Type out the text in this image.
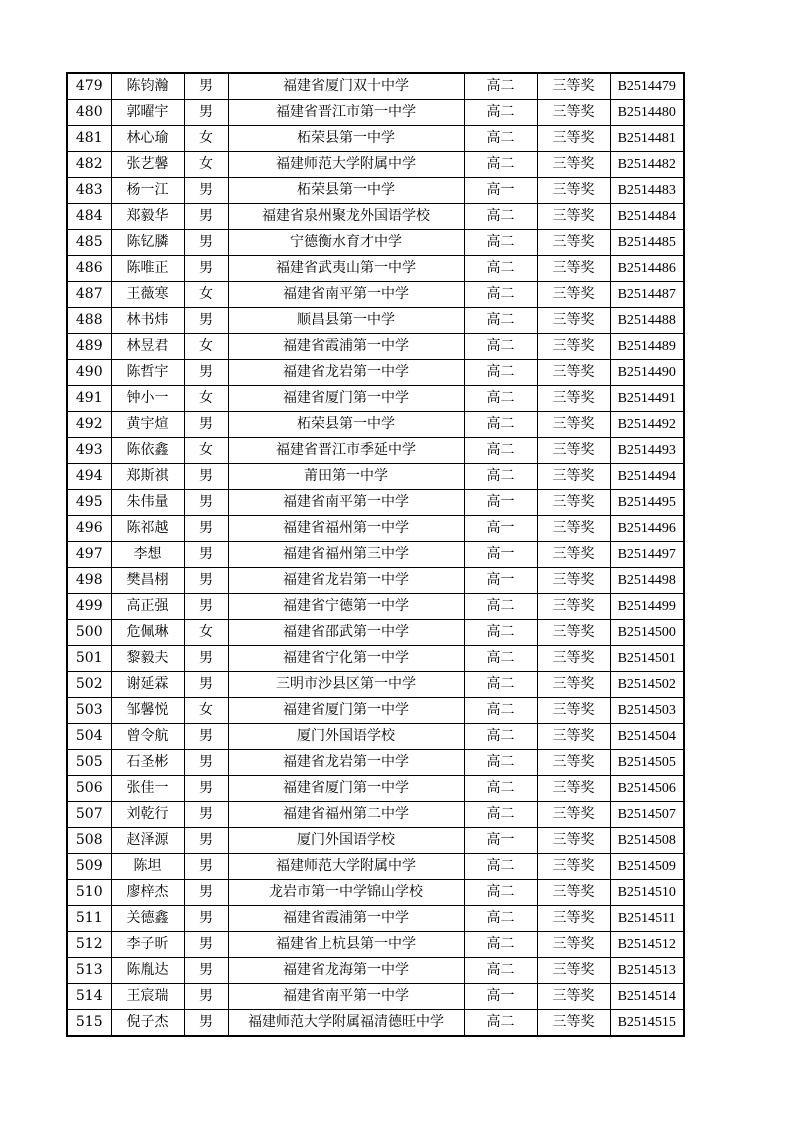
479	陈钧瀚	男	福建省厦门双十中学	高二	三等奖	B2514479
480	郭曜宇	男	福建省晋江市第一中学	高二	三等奖	B2514480
481	林心瑜	女	柘荣县第一中学	高二	三等奖	B2514481
482	张艺馨	女	福建师范大学附属中学	高二	三等奖	B2514482
483	杨一江	男	柘荣县第一中学	高一	三等奖	B2514483
484	郑毅华	男	福建省泉州聚龙外国语学校	高二	三等奖	B2514484
485	陈钇膦	男	宁德衡水育才中学	高二	三等奖	B2514485
486	陈唯正	男	福建省武夷山第一中学	高二	三等奖	B2514486
487	王薇寒	女	福建省南平第一中学	高二	三等奖	B2514487
488	林书炜	男	顺昌县第一中学	高二	三等奖	B2514488
489	林昱君	女	福建省霞浦第一中学	高二	三等奖	B2514489
490	陈哲宇	男	福建省龙岩第一中学	高二	三等奖	B2514490
491	钟小一	女	福建省厦门第一中学	高二	三等奖	B2514491
492	黄宇煊	男	柘荣县第一中学	高二	三等奖	B2514492
493	陈依鑫	女	福建省晋江市季延中学	高二	三等奖	B2514493
494	郑斯祺	男	莆田第一中学	高二	三等奖	B2514494
495	朱伟量	男	福建省南平第一中学	高一	三等奖	B2514495
496	陈祁越	男	福建省福州第一中学	高一	三等奖	B2514496
497	李想	男	福建省福州第三中学	高一	三等奖	B2514497
498	樊昌栩	男	福建省龙岩第一中学	高一	三等奖	B2514498
499	高正强	男	福建省宁德第一中学	高二	三等奖	B2514499
500	危佩琳	女	福建省邵武第一中学	高二	三等奖	B2514500
501	黎毅夫	男	福建省宁化第一中学	高二	三等奖	B2514501
502	谢延霖	男	三明市沙县区第一中学	高二	三等奖	B2514502
503	邹馨悦	女	福建省厦门第一中学	高二	三等奖	B2514503
504	曾令航	男	厦门外国语学校	高二	三等奖	B2514504
505	石圣彬	男	福建省龙岩第一中学	高二	三等奖	B2514505
506	张佳一	男	福建省厦门第一中学	高二	三等奖	B2514506
507	刘乾行	男	福建省福州第二中学	高二	三等奖	B2514507
508	赵泽源	男	厦门外国语学校	高一	三等奖	B2514508
509	陈坦	男	福建师范大学附属中学	高二	三等奖	B2514509
510	廖梓杰	男	龙岩市第一中学锦山学校	高二	三等奖	B2514510
511	关德鑫	男	福建省霞浦第一中学	高二	三等奖	B2514511
512	李子昕	男	福建省上杭县第一中学	高二	三等奖	B2514512
513	陈胤达	男	福建省龙海第一中学	高二	三等奖	B2514513
514	王宸瑞	男	福建省南平第一中学	高一	三等奖	B2514514
515	倪子杰	男	福建师范大学附属福清德旺中学	高二	三等奖	B2514515
